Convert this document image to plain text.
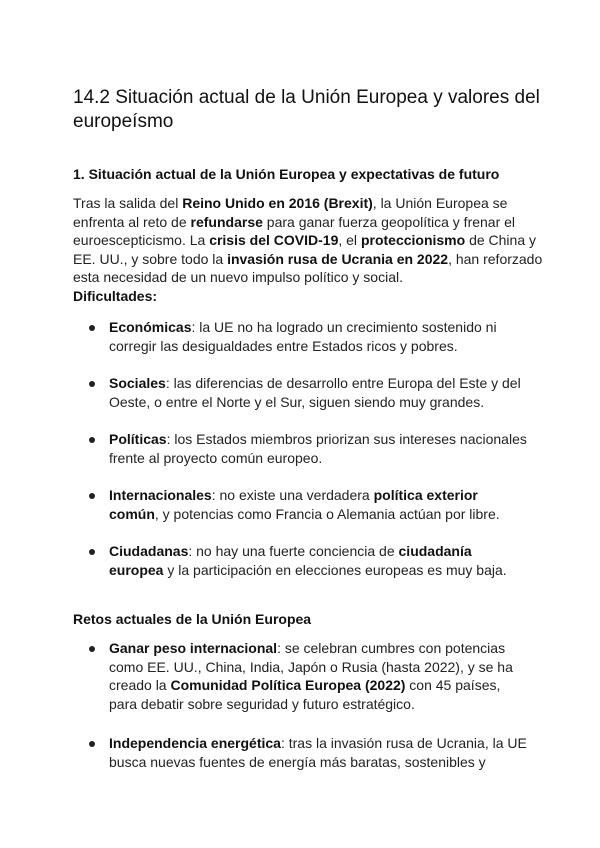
14.2 Situación actual de la Unión Europea y valores del europeísmo
1. Situación actual de la Unión Europea y expectativas de futuro
Tras la salida del Reino Unido en 2016 (Brexit), la Unión Europea se enfrenta al reto de refundarse para ganar fuerza geopolítica y frenar el euroescepticismo. La crisis del COVID-19, el proteccionismo de China y EE. UU., y sobre todo la invasión rusa de Ucrania en 2022, han reforzado esta necesidad de un nuevo impulso político y social.
Dificultades:
Económicas: la UE no ha logrado un crecimiento sostenido ni corregir las desigualdades entre Estados ricos y pobres.
Sociales: las diferencias de desarrollo entre Europa del Este y del Oeste, o entre el Norte y el Sur, siguen siendo muy grandes.
Políticas: los Estados miembros priorizan sus intereses nacionales frente al proyecto común europeo.
Internacionales: no existe una verdadera política exterior común, y potencias como Francia o Alemania actúan por libre.
Ciudadanas: no hay una fuerte conciencia de ciudadanía europea y la participación en elecciones europeas es muy baja.
Retos actuales de la Unión Europea
Ganar peso internacional: se celebran cumbres con potencias como EE. UU., China, India, Japón o Rusia (hasta 2022), y se ha creado la Comunidad Política Europea (2022) con 45 países, para debatir sobre seguridad y futuro estratégico.
Independencia energética: tras la invasión rusa de Ucrania, la UE busca nuevas fuentes de energía más baratas, sostenibles y
